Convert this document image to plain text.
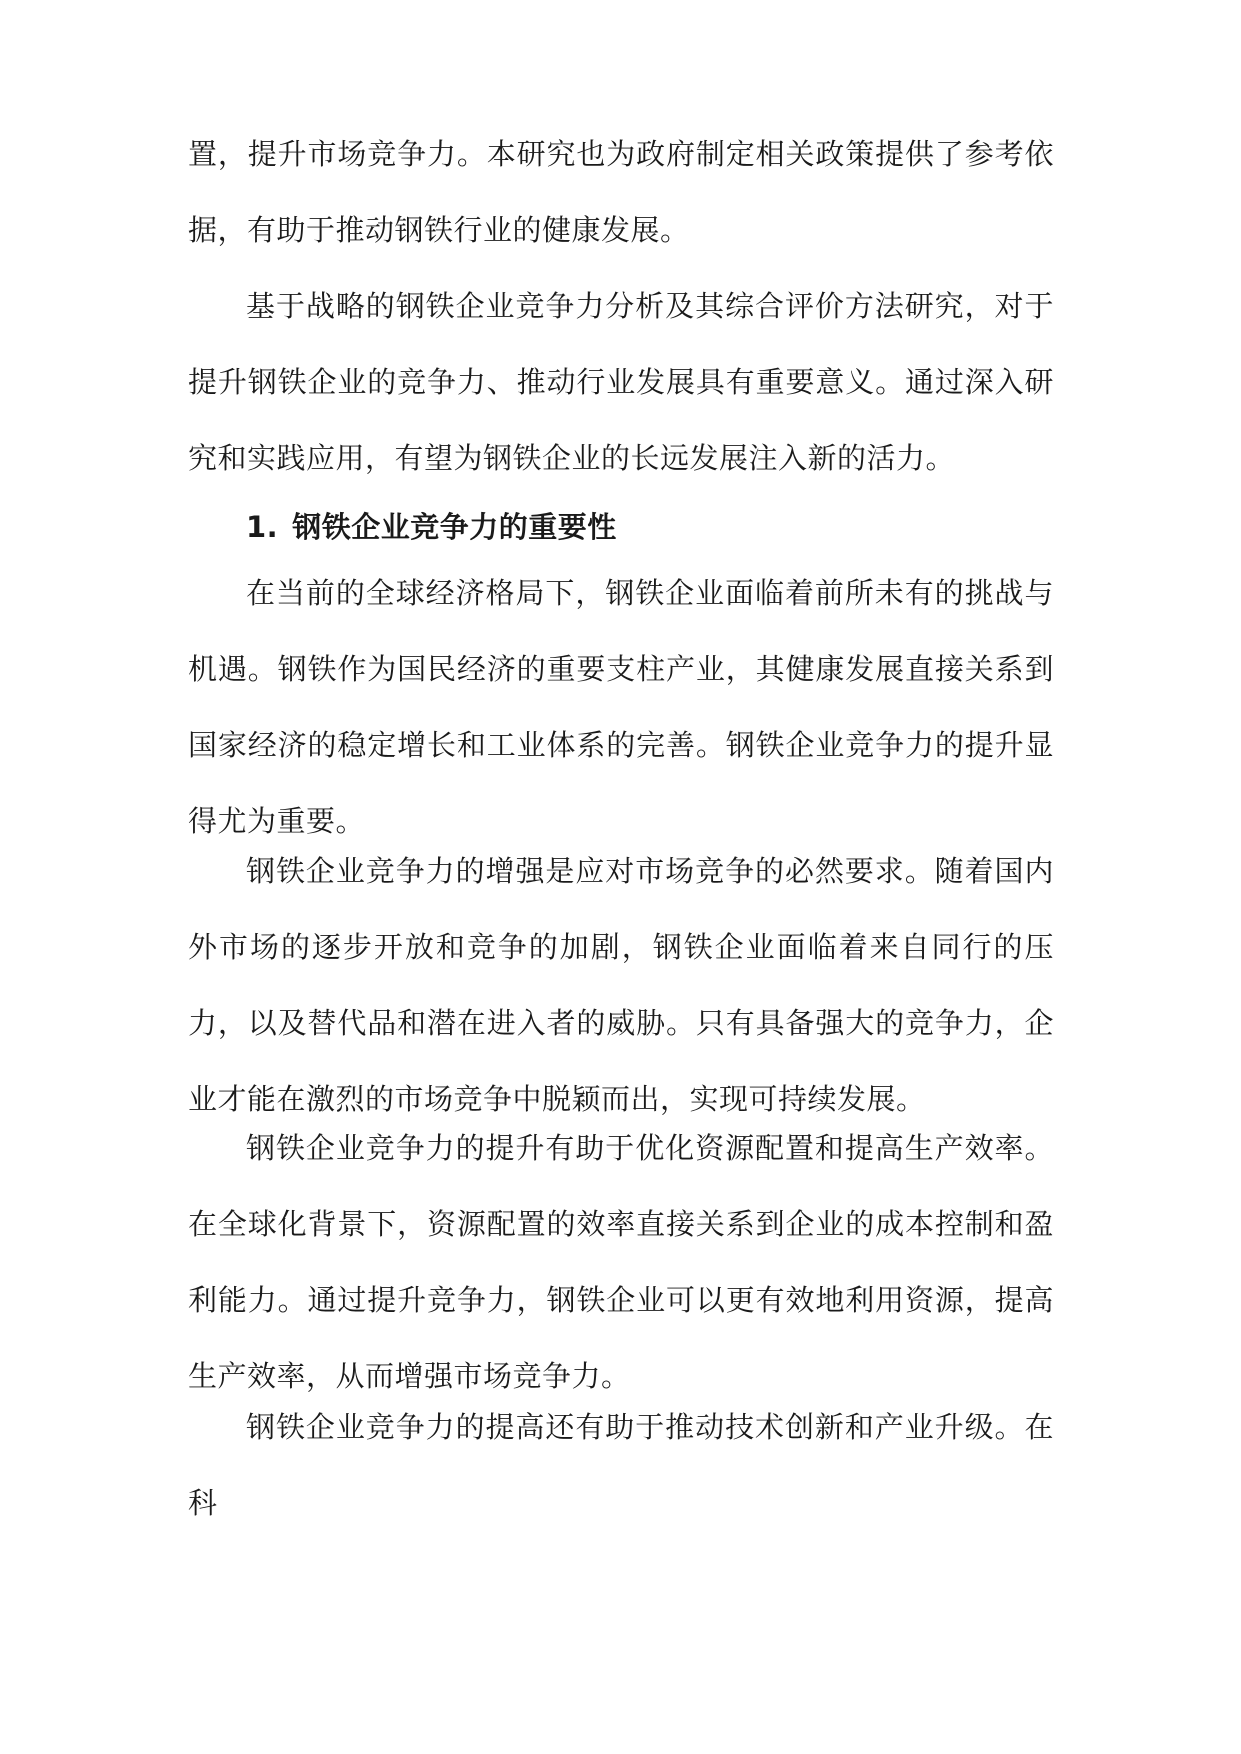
置，提升市场竞争力。本研究也为政府制定相关政策提供了参考依据，有助于推动钢铁行业的健康发展。

基于战略的钢铁企业竞争力分析及其综合评价方法研究，对于提升钢铁企业的竞争力、推动行业发展具有重要意义。通过深入研究和实践应用，有望为钢铁企业的长远发展注入新的活力。

1. 钢铁企业竞争力的重要性

在当前的全球经济格局下，钢铁企业面临着前所未有的挑战与机遇。钢铁作为国民经济的重要支柱产业，其健康发展直接关系到国家经济的稳定增长和工业体系的完善。钢铁企业竞争力的提升显得尤为重要。

钢铁企业竞争力的增强是应对市场竞争的必然要求。随着国内外市场的逐步开放和竞争的加剧，钢铁企业面临着来自同行的压力，以及替代品和潜在进入者的威胁。只有具备强大的竞争力，企业才能在激烈的市场竞争中脱颖而出，实现可持续发展。

钢铁企业竞争力的提升有助于优化资源配置和提高生产效率。在全球化背景下，资源配置的效率直接关系到企业的成本控制和盈利能力。通过提升竞争力，钢铁企业可以更有效地利用资源，提高生产效率，从而增强市场竞争力。

钢铁企业竞争力的提高还有助于推动技术创新和产业升级。在科
